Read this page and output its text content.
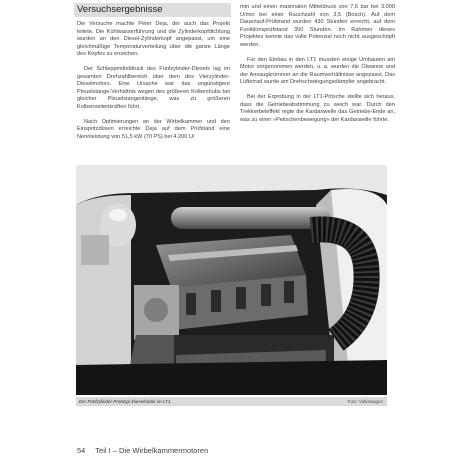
Versuchsergebnisse

Die Versuche machte Peter Deja, der auch das Projekt leitete. Die Kühlwasserführung und die Zylinderkopfdichtung wurden an den Diesel-Zylinderkopf angepasst, um eine gleichmäßige Temperaturverteilung über die ganze Länge des Kopfes zu erreichen.

Der Schleppmitteldruck des Fünfzylinder-Diesels lag im gesamten Drehzahlbereich über dem des Vierzylinder-Dieselmotors. Eine Ursache war das ungünstigere Pleuelstange-Verhältnis wegen des größeren Kolbenhubs bei gleicher Pleuelstangenlänge, was zu größeren Kolbenseitenkräften führt.

Nach Optimierungen an der Wirbelkammer und den Einspritzdüsen erreichte Deja auf dem Prüfstand eine Nennleistung von 51,5 kW (70 PS) bei 4.200 U/

min und einen maximalen Mitteldruck von 7,6 bar bei 3.000 U/min bei einer Rauchzahl von 3,5 (Bosch). Auf dem Dauerlauf-Prüfstand wurden 430 Stunden erreicht, auf dem Funktionsprüfstand 350 Stunden. Im Rahmen dieses Projektes konnte das volle Potenzial noch nicht ausgeschöpft werden.

Für den Einbau in den LT1 mussten einige Umbauten am Motor vorgenommen werden, u. a. wurden die Ölwanne und der Ansaugkrümmer an die Raumverhältnisse angepasst. Das Lüfterrad wurde am Drehschwingungsdämpfer angebracht.

Bei der Erprobung in der LT1-Pritsche stellte sich heraus, dass die Getriebeabstimmung zu weich war. Durch den Trekkerbeleffekt regte die Kardanwelle das Getriebe-Ende an, was zu einer »Peitschenbewegung« der Kardanwelle führte.

Der Fünfzylinder-Prototyp-Dieselmotor im LT1.	Foto: Volkswagen
54 Teil I – Die Wirbelkammermotoren
